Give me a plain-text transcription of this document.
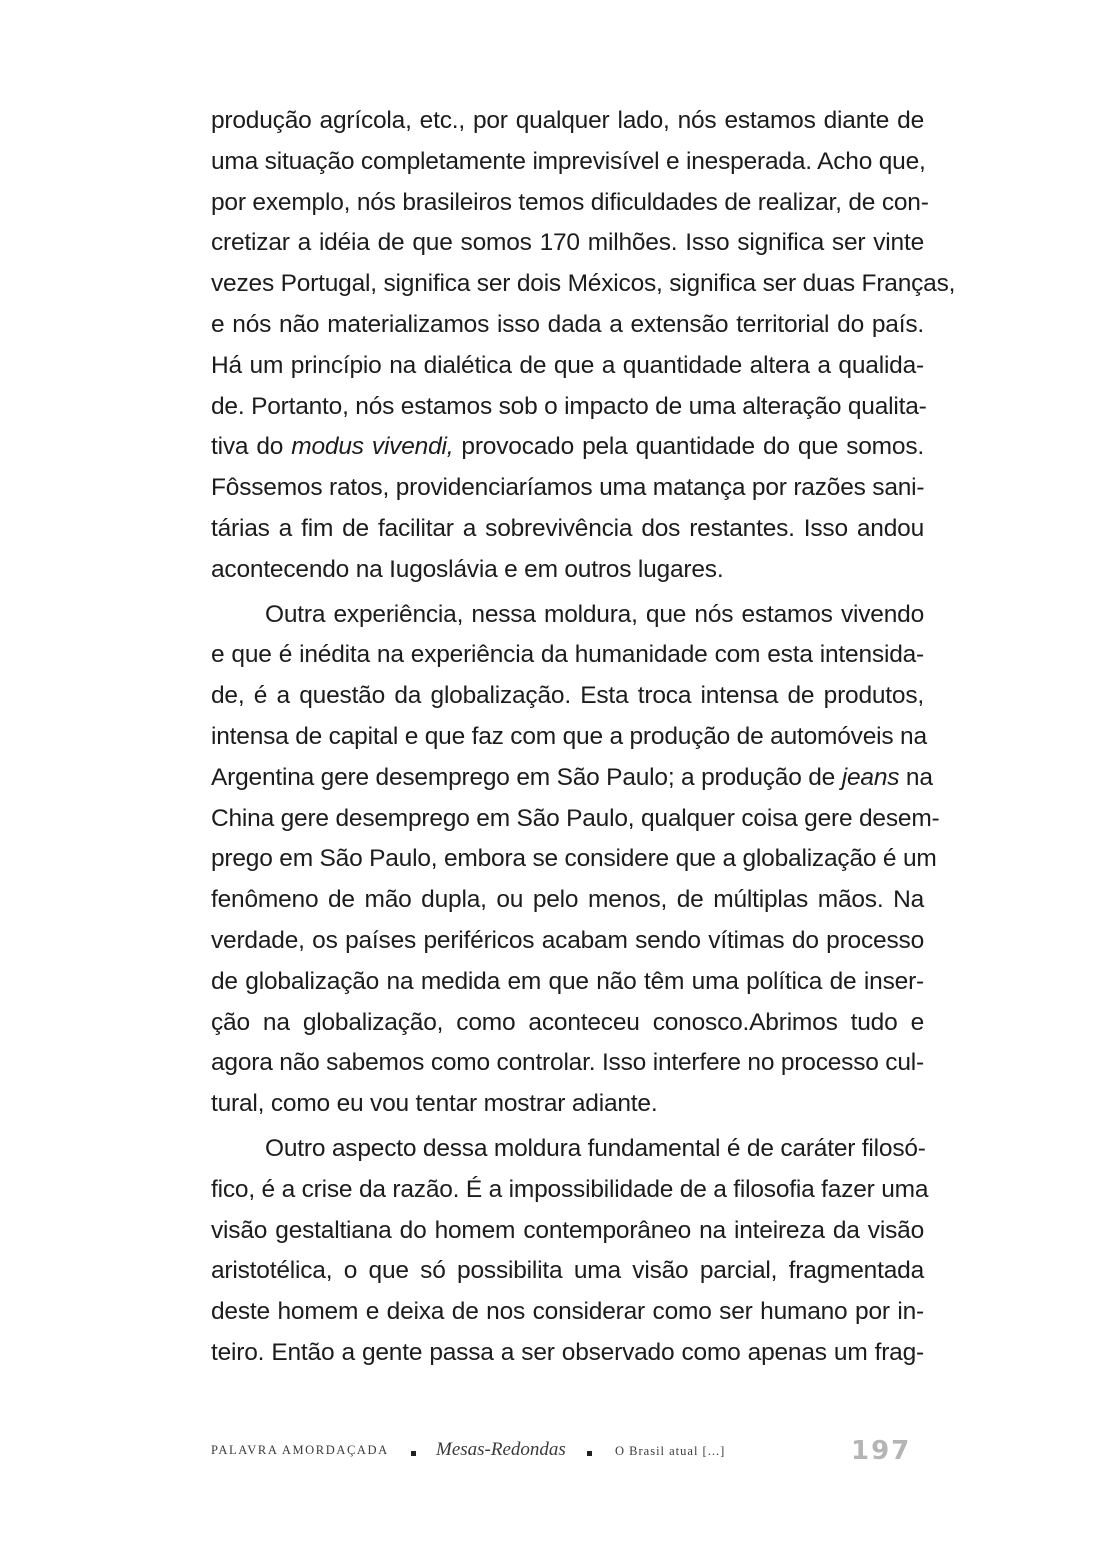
produção agrícola, etc., por qualquer lado, nós estamos diante de
uma situação completamente imprevisível e inesperada. Acho que,
por exemplo, nós brasileiros temos dificuldades de realizar, de con-
cretizar a idéia de que somos 170 milhões. Isso significa ser vinte
vezes Portugal, significa ser dois Méxicos, significa ser duas Franças,
e nós não materializamos isso dada a extensão territorial do país.
Há um princípio na dialética de que a quantidade altera a qualida-
de. Portanto, nós estamos sob o impacto de uma alteração qualita-
tiva do modus vivendi, provocado pela quantidade do que somos.
Fôssemos ratos, providenciaríamos uma matança por razões sani-
tárias a fim de facilitar a sobrevivência dos restantes. Isso andou
acontecendo na Iugoslávia e em outros lugares.
Outra experiência, nessa moldura, que nós estamos vivendo
e que é inédita na experiência da humanidade com esta intensida-
de, é a questão da globalização. Esta troca intensa de produtos,
intensa de capital e que faz com que a produção de automóveis na
Argentina gere desemprego em São Paulo; a produção de jeans na
China gere desemprego em São Paulo, qualquer coisa gere desem-
prego em São Paulo, embora se considere que a globalização é um
fenômeno de mão dupla, ou pelo menos, de múltiplas mãos. Na
verdade, os países periféricos acabam sendo vítimas do processo
de globalização na medida em que não têm uma política de inser-
ção na globalização, como aconteceu conosco.Abrimos tudo e
agora não sabemos como controlar. Isso interfere no processo cul-
tural, como eu vou tentar mostrar adiante.
Outro aspecto dessa moldura fundamental é de caráter filosó-
fico, é a crise da razão. É a impossibilidade de a filosofia fazer uma
visão gestaltiana do homem contemporâneo na inteireza da visão
aristotélica, o que só possibilita uma visão parcial, fragmentada
deste homem e deixa de nos considerar como ser humano por in-
teiro. Então a gente passa a ser observado como apenas um frag-
PALAVRA AMORDAÇADA Mesas-Redondas	O Brasil atual [...]	197
